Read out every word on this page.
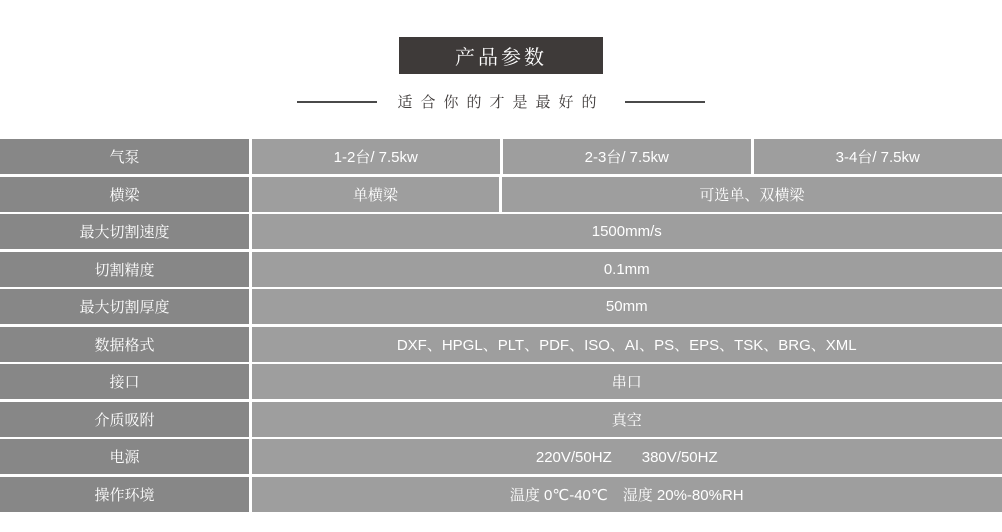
产品参数
适合你的才是最好的
气泵	1-2台/ 7.5kw	2-3台/ 7.5kw	3-4台/ 7.5kw
横梁	单横梁	可选单、双横梁
最大切割速度	1500mm/s
切割精度	0.1mm
最大切割厚度	50mm
数据格式	DXF、HPGL、PLT、PDF、ISO、AI、PS、EPS、TSK、BRG、XML
接口	串口
介质吸附	真空
电源	220V/50HZ　　380V/50HZ
操作环境	温度 0℃-40℃　湿度 20%-80%RH
